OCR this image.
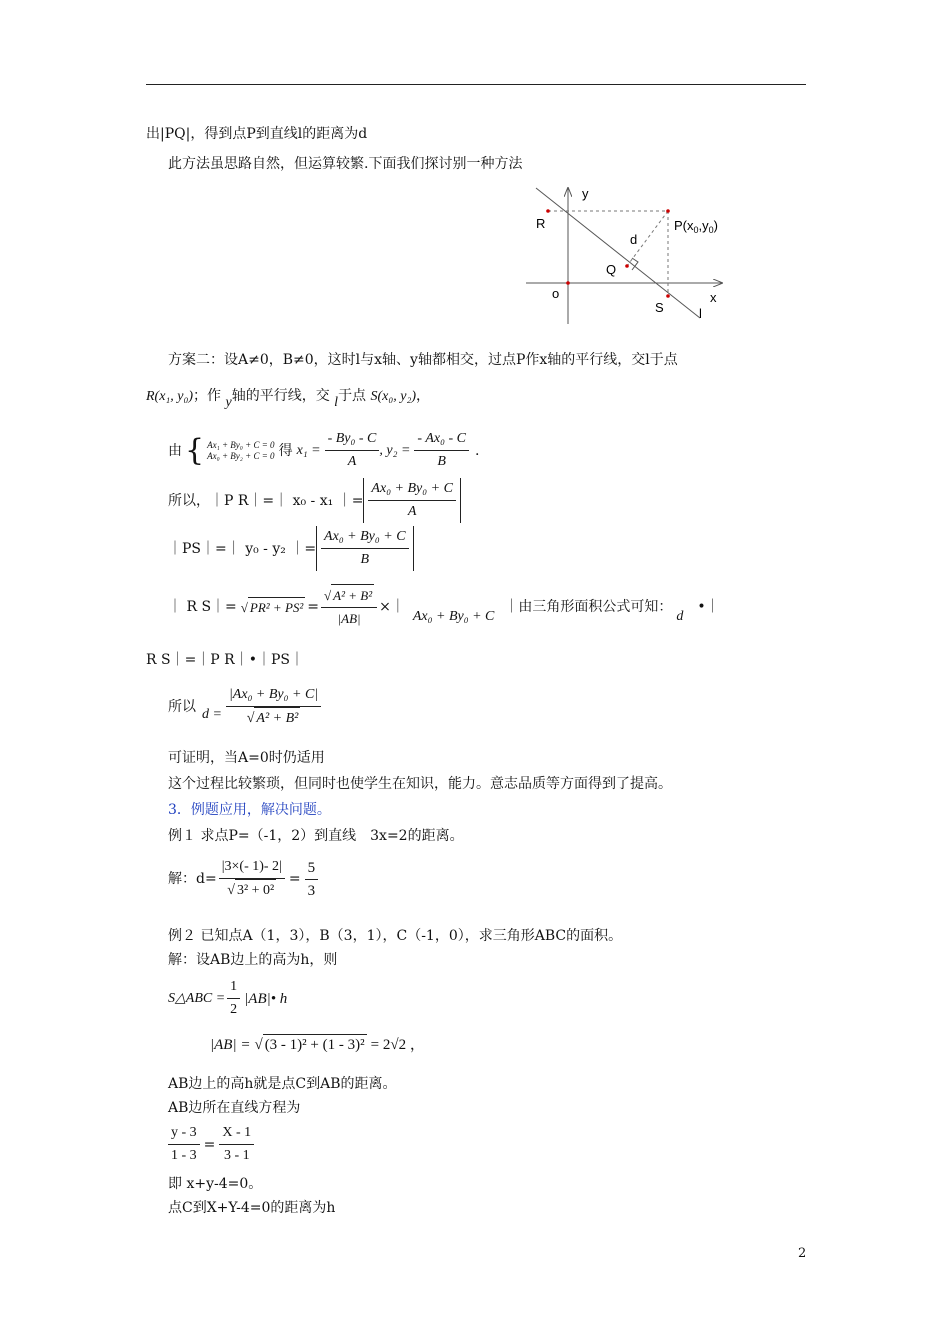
出|PQ|，得到点P到直线l的距离为d
此方法虽思路自然，但运算较繁.下面我们探讨别一种方法
y
x
o
R	$P(x_0,y_0)$
d
Q
S	l
方案二：设A≠0，B≠0，这时l与x轴、y轴都相交，过点P作x轴的平行线，交l于点
R(x₁, y₀)；作 y轴的平行线，交 l于点 S(x₀, y₂)，
由 { Ax₁ + By₀ + C = 0
Ax₀ + By₂ + C = 0 得 $x_1 = \frac{\text{- By₀ - C}}{A}$ , $y_2 = \frac{\text{- Ax₀ - C}}{B}$ .
所以，｜P R｜=｜ x₀ - x₁ ｜= $\frac{\text{Ax₀ + By₀ + C}}{A}$
｜PS｜=｜ y₀ - y₂ ｜= $\frac{\text{Ax₀ + By₀ + C}}{B}$
｜ R S｜= √ $PR^2 + PS^2 = \frac{\text{√ A² + B²}}{|AB|}$ ×｜
Ax₀ + By₀ + C
｜由三角形面积公式可知：
d
•｜
R S｜=｜P R｜•｜PS｜
所以 $d = \frac{\text{|Ax₀ + By₀ + C|}}{\text{√ A² + B²}}$
可证明，当A=0时仍适用
这个过程比较繁琐，但同时也使学生在知识，能力。意志品质等方面得到了提高。
3．例题应用，解决问题。
例１ 求点P=（-1，2）到直线　3x=2的距离。
解：$d= \frac{|3\times(- 1)- 2|}{\text{√ 3² + 0²}} = \frac{5}{3}$
例２ 已知点A（1，3），B（3，1），C（-1，0），求三角形ABC的面积。
解：设AB边上的高为h，则
S△ABC = $\frac{1}{2}$ |AB|• h
|AB| = √ (3 - 1)² + (1 - 3)² = 2√2 ，
AB边上的高h就是点C到AB的距离。
AB边所在直线方程为
$\frac{y - 3}{1 - 3} = \frac{X - 1}{3 - 1}$
即 x+y-4=0。
点C到X+Y-4=0的距离为h
2
